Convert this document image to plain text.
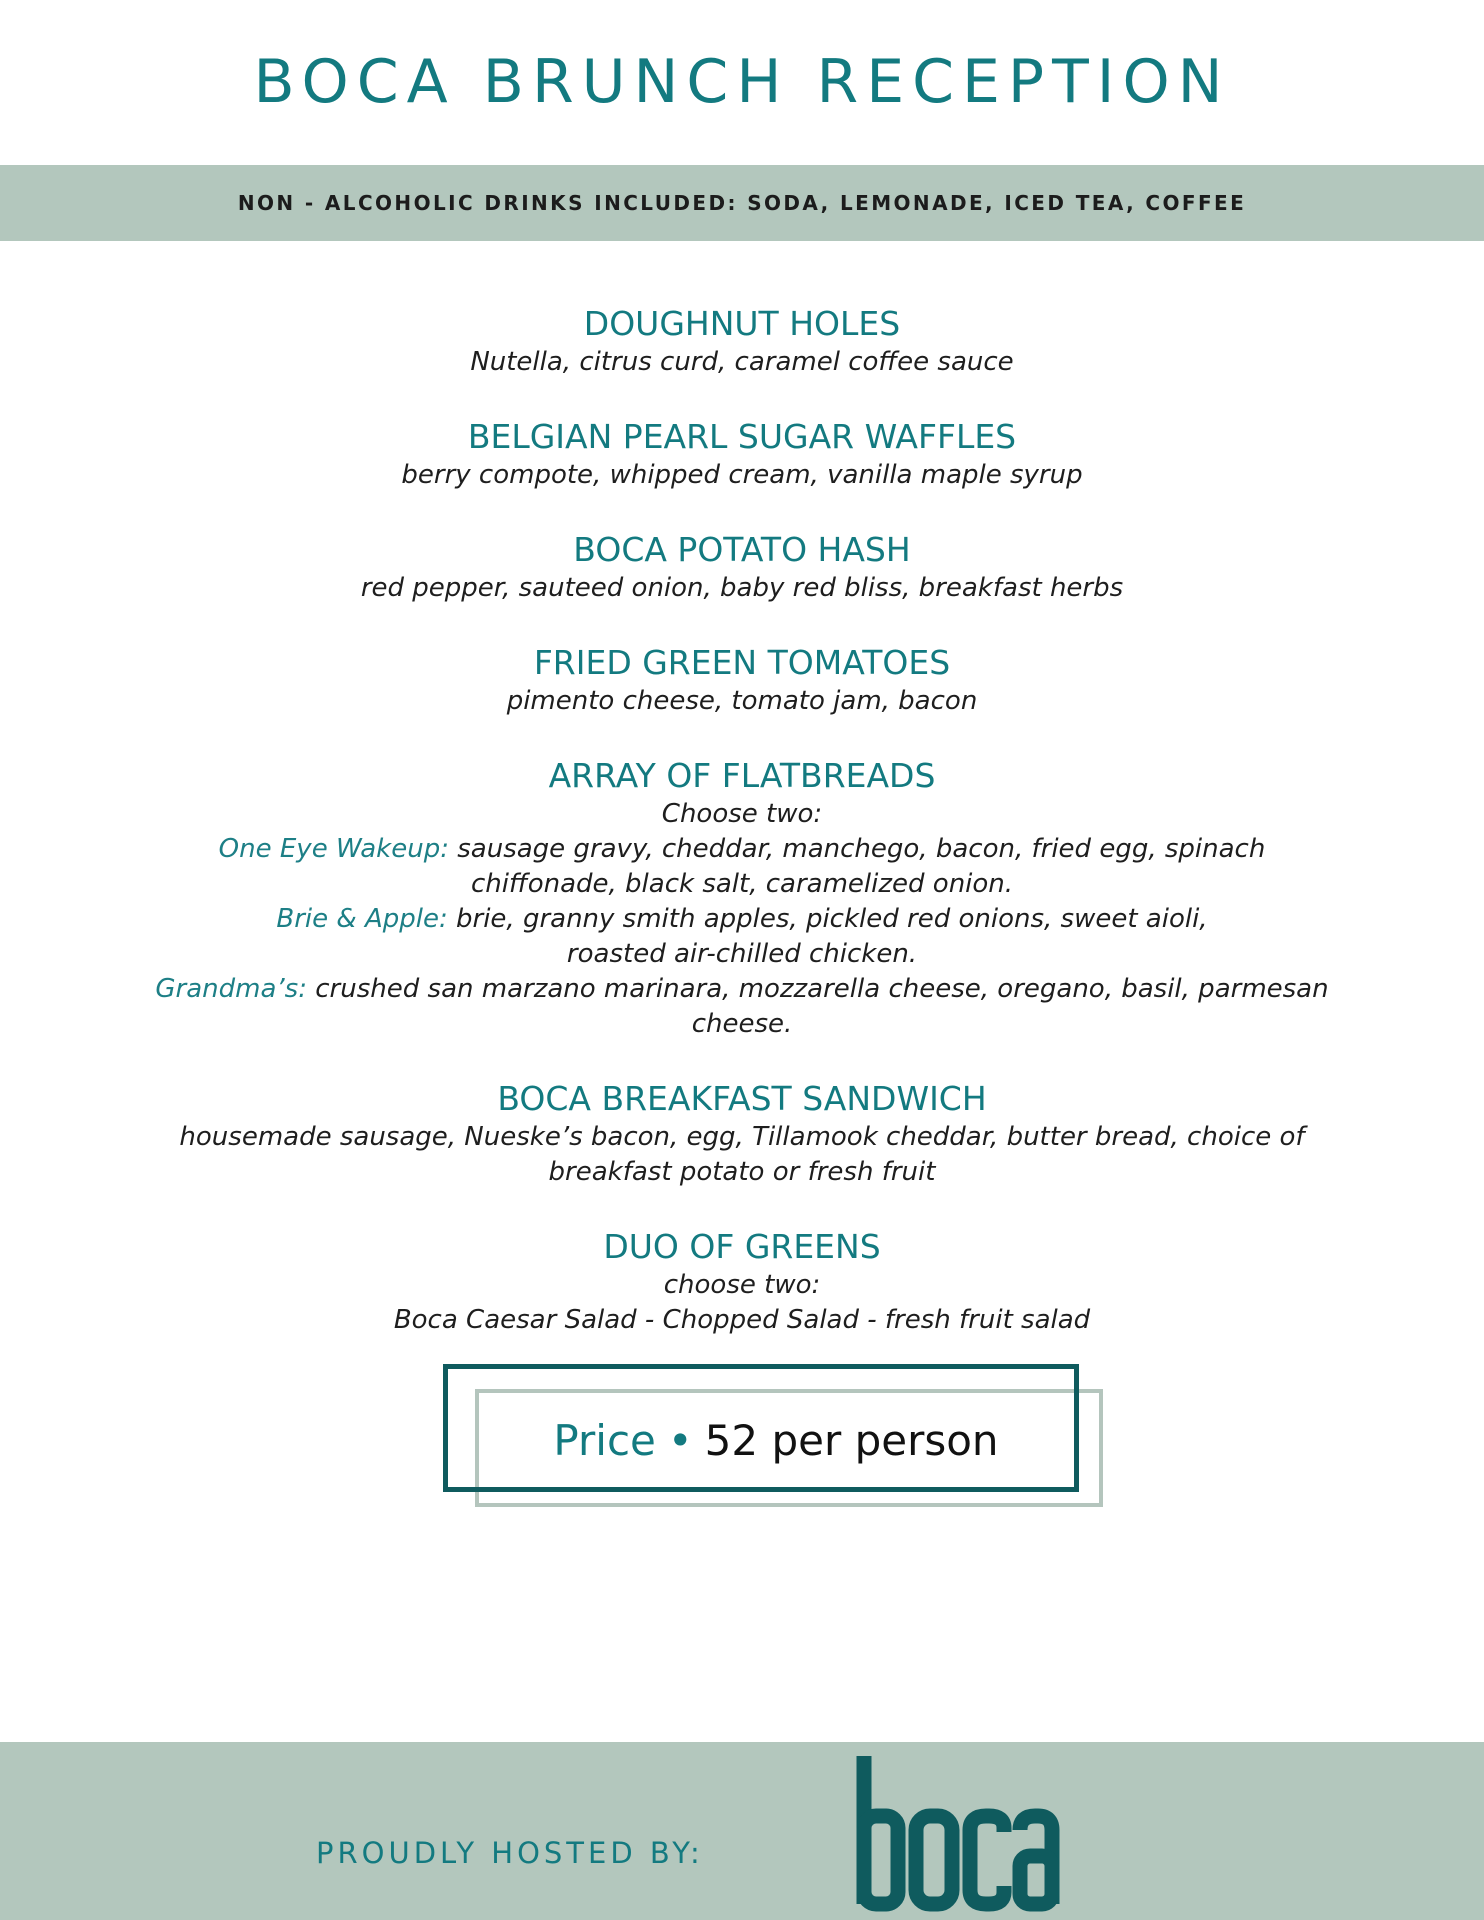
BOCA BRUNCH RECEPTION
NON - ALCOHOLIC DRINKS INCLUDED: SODA, LEMONADE, ICED TEA, COFFEE
DOUGHNUT HOLES
Nutella, citrus curd, caramel coffee sauce
BELGIAN PEARL SUGAR WAFFLES
berry compote, whipped cream, vanilla maple syrup
BOCA POTATO HASH
red pepper, sauteed onion, baby red bliss, breakfast herbs
FRIED GREEN TOMATOES
pimento cheese, tomato jam, bacon
ARRAY OF FLATBREADS
Choose two:
One Eye Wakeup: sausage gravy, cheddar, manchego, bacon, fried egg, spinach
chiffonade, black salt, caramelized onion.
Brie & Apple: brie, granny smith apples, pickled red onions, sweet aioli,
roasted air-chilled chicken.
Grandma’s: crushed san marzano marinara, mozzarella cheese, oregano, basil, parmesan
cheese.
BOCA BREAKFAST SANDWICH
housemade sausage, Nueske’s bacon, egg, Tillamook cheddar, butter bread, choice of
breakfast potato or fresh fruit
DUO OF GREENS
choose two:
Boca Caesar Salad - Chopped Salad - fresh fruit salad
Price • 52 per person
PROUDLY HOSTED BY:
